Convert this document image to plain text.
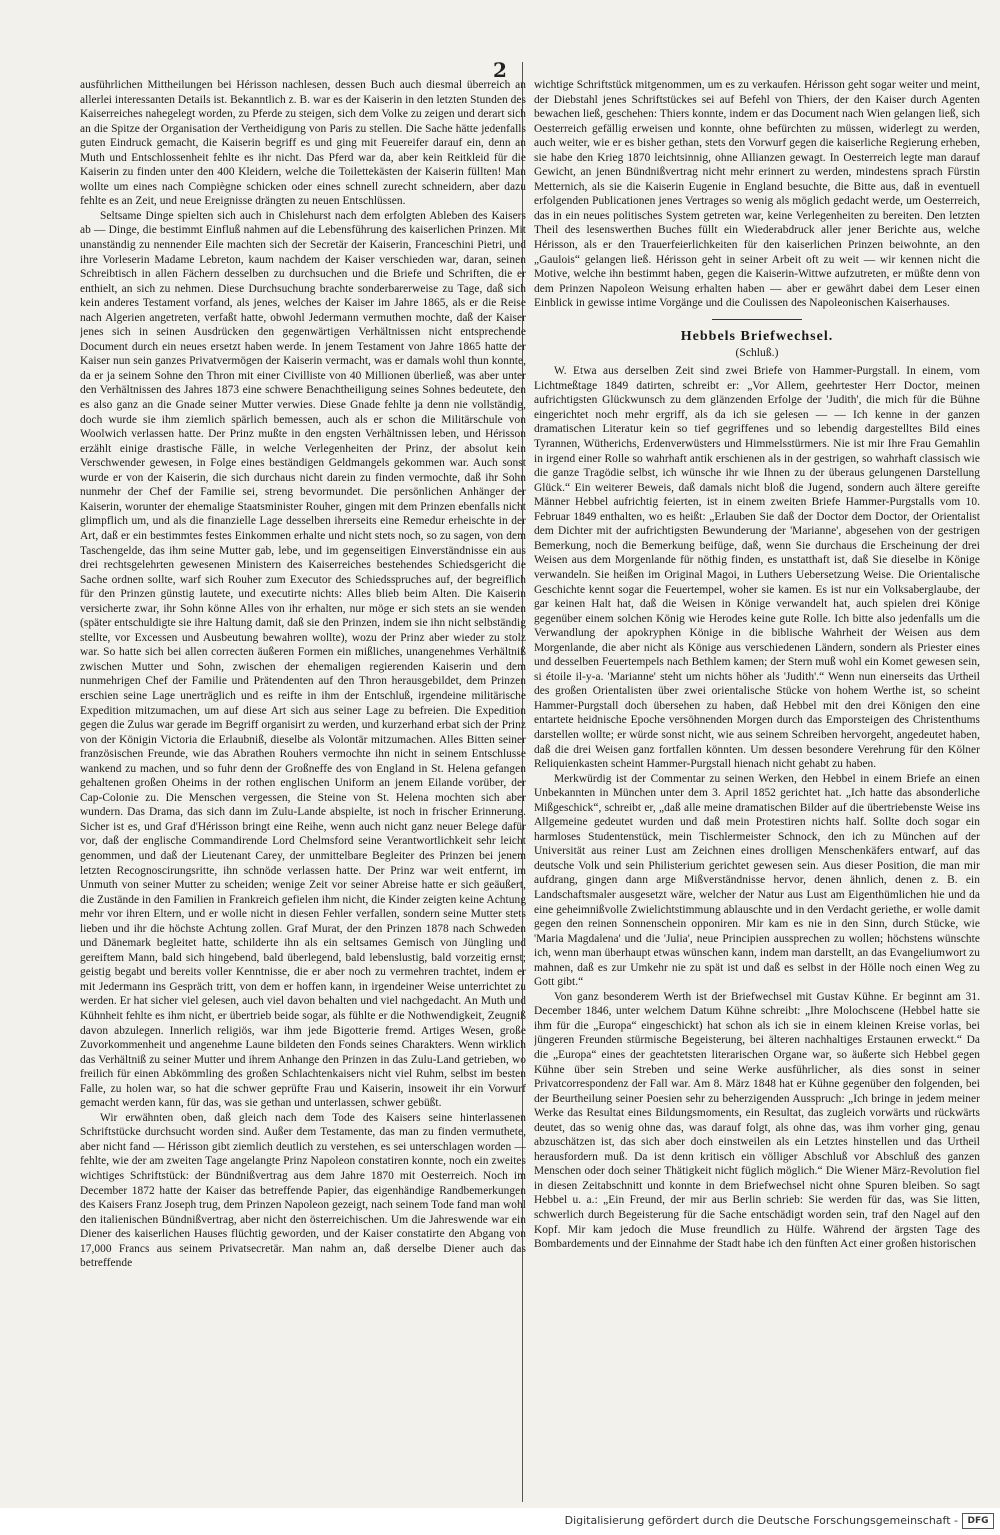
2

ausführlichen Mittheilungen bei Hérisson nachlesen, dessen Buch auch diesmal überreich an allerlei interessanten Details ist. Bekanntlich z. B. war es der Kaiserin in den letzten Stunden des Kaiserreiches nahegelegt worden, zu Pferde zu steigen, sich dem Volke zu zeigen und derart sich an die Spitze der Organisation der Vertheidigung von Paris zu stellen. Die Sache hätte jedenfalls guten Eindruck gemacht, die Kaiserin begriff es und ging mit Feuereifer darauf ein, denn an Muth und Entschlossenheit fehlte es ihr nicht. Das Pferd war da, aber kein Reitkleid für die Kaiserin zu finden unter den 400 Kleidern, welche die Toilettekästen der Kaiserin füllten! Man wollte um eines nach Compiègne schicken oder eines schnell zurecht schneidern, aber dazu fehlte es an Zeit, und neue Ereignisse drängten zu neuen Entschlüssen.

Seltsame Dinge spielten sich auch in Chislehurst nach dem erfolgten Ableben des Kaisers ab — Dinge, die bestimmt Einfluß nahmen auf die Lebensführung des kaiserlichen Prinzen. Mit unanständig zu nennender Eile machten sich der Secretär der Kaiserin, Franceschini Pietri, und ihre Vorleserin Madame Lebreton, kaum nachdem der Kaiser verschieden war, daran, seinen Schreibtisch in allen Fächern desselben zu durchsuchen und die Briefe und Schriften, die er enthielt, an sich zu nehmen. Diese Durchsuchung brachte sonderbarerweise zu Tage, daß sich kein anderes Testament vorfand, als jenes, welches der Kaiser im Jahre 1865, als er die Reise nach Algerien angetreten, verfaßt hatte, obwohl Jedermann vermuthen mochte, daß der Kaiser jenes sich in seinen Ausdrücken den gegenwärtigen Verhältnissen nicht entsprechende Document durch ein neues ersetzt haben werde. In jenem Testament von Jahre 1865 hatte der Kaiser nun sein ganzes Privatvermögen der Kaiserin vermacht, was er damals wohl thun konnte, da er ja seinem Sohne den Thron mit einer Civilliste von 40 Millionen überließ, was aber unter den Verhältnissen des Jahres 1873 eine schwere Benachtheiligung seines Sohnes bedeutete, den es also ganz an die Gnade seiner Mutter verwies. Diese Gnade fehlte ja denn nie vollständig, doch wurde sie ihm ziemlich spärlich bemessen, auch als er schon die Militärschule von Woolwich verlassen hatte. Der Prinz mußte in den engsten Verhältnissen leben, und Hérisson erzählt einige drastische Fälle, in welche Verlegenheiten der Prinz, der absolut kein Verschwender gewesen, in Folge eines beständigen Geldmangels gekommen war. Auch sonst wurde er von der Kaiserin, die sich durchaus nicht darein zu finden vermochte, daß ihr Sohn nunmehr der Chef der Familie sei, streng bevormundet. Die persönlichen Anhänger der Kaiserin, worunter der ehemalige Staatsminister Rouher, gingen mit dem Prinzen ebenfalls nicht glimpflich um, und als die finanzielle Lage desselben ihrerseits eine Remedur erheischte in der Art, daß er ein bestimmtes festes Einkommen erhalte und nicht stets noch, so zu sagen, von dem Taschengelde, das ihm seine Mutter gab, lebe, und im gegenseitigen Einverständnisse ein aus drei rechtsgelehrten gewesenen Ministern des Kaiserreiches bestehendes Schiedsgericht die Sache ordnen sollte, warf sich Rouher zum Executor des Schiedsspruches auf, der begreiflich für den Prinzen günstig lautete, und executirte nichts: Alles blieb beim Alten. Die Kaiserin versicherte zwar, ihr Sohn könne Alles von ihr erhalten, nur möge er sich stets an sie wenden (später entschuldigte sie ihre Haltung damit, daß sie den Prinzen, indem sie ihn nicht selbständig stellte, vor Excessen und Ausbeutung bewahren wollte), wozu der Prinz aber wieder zu stolz war. So hatte sich bei allen correcten äußeren Formen ein mißliches, unangenehmes Verhältniß zwischen Mutter und Sohn, zwischen der ehemaligen regierenden Kaiserin und dem nunmehrigen Chef der Familie und Prätendenten auf den Thron herausgebildet, dem Prinzen erschien seine Lage unerträglich und es reifte in ihm der Entschluß, irgendeine militärische Expedition mitzumachen, um auf diese Art sich aus seiner Lage zu befreien. Die Expedition gegen die Zulus war gerade im Begriff organisirt zu werden, und kurzerhand erbat sich der Prinz von der Königin Victoria die Erlaubniß, dieselbe als Volontär mitzumachen. Alles Bitten seiner französischen Freunde, wie das Abrathen Rouhers vermochte ihn nicht in seinem Entschlusse wankend zu machen, und so fuhr denn der Großneffe des von England in St. Helena gefangen gehaltenen großen Oheims in der rothen englischen Uniform an jenem Eilande vorüber, der Cap-Colonie zu. Die Menschen vergessen, die Steine von St. Helena mochten sich aber wundern. Das Drama, das sich dann im Zulu-Lande abspielte, ist noch in frischer Erinnerung. Sicher ist es, und Graf d'Hérisson bringt eine Reihe, wenn auch nicht ganz neuer Belege dafür vor, daß der englische Commandirende Lord Chelmsford seine Verantwortlichkeit sehr leicht genommen, und daß der Lieutenant Carey, der unmittelbare Begleiter des Prinzen bei jenem letzten Recognoscirungsritte, ihn schnöde verlassen hatte. Der Prinz war weit entfernt, im Unmuth von seiner Mutter zu scheiden; wenige Zeit vor seiner Abreise hatte er sich geäußert, die Zustände in den Familien in Frankreich gefielen ihm nicht, die Kinder zeigten keine Achtung mehr vor ihren Eltern, und er wolle nicht in diesen Fehler verfallen, sondern seine Mutter stets lieben und ihr die höchste Achtung zollen. Graf Murat, der den Prinzen 1878 nach Schweden und Dänemark begleitet hatte, schilderte ihn als ein seltsames Gemisch von Jüngling und gereiftem Mann, bald sich hingebend, bald überlegend, bald lebenslustig, bald vorzeitig ernst; geistig begabt und bereits voller Kenntnisse, die er aber noch zu vermehren trachtet, indem er mit Jedermann ins Gespräch tritt, von dem er hoffen kann, in irgendeiner Weise unterrichtet zu werden. Er hat sicher viel gelesen, auch viel davon behalten und viel nachgedacht. An Muth und Kühnheit fehlte es ihm nicht, er übertrieb beide sogar, als fühlte er die Nothwendigkeit, Zeugniß davon abzulegen. Innerlich religiös, war ihm jede Bigotterie fremd. Artiges Wesen, große Zuvorkommenheit und angenehme Laune bildeten den Fonds seines Charakters. Wenn wirklich das Verhältniß zu seiner Mutter und ihrem Anhange den Prinzen in das Zulu-Land getrieben, wo freilich für einen Abkömmling des großen Schlachtenkaisers nicht viel Ruhm, selbst im besten Falle, zu holen war, so hat die schwer geprüfte Frau und Kaiserin, insoweit ihr ein Vorwurf gemacht werden kann, für das, was sie gethan und unterlassen, schwer gebüßt.

Wir erwähnten oben, daß gleich nach dem Tode des Kaisers seine hinterlassenen Schriftstücke durchsucht worden sind. Außer dem Testamente, das man zu finden vermuthete, aber nicht fand — Hérisson gibt ziemlich deutlich zu verstehen, es sei unterschlagen worden — fehlte, wie der am zweiten Tage angelangte Prinz Napoleon constatiren konnte, noch ein zweites wichtiges Schriftstück: der Bündnißvertrag aus dem Jahre 1870 mit Oesterreich. Noch im December 1872 hatte der Kaiser das betreffende Papier, das eigenhändige Randbemerkungen des Kaisers Franz Joseph trug, dem Prinzen Napoleon gezeigt, nach seinem Tode fand man wohl den italienischen Bündnißvertrag, aber nicht den österreichischen. Um die Jahreswende war ein Diener des kaiserlichen Hauses flüchtig geworden, und der Kaiser constatirte den Abgang von 17,000 Francs aus seinem Privatsecretär. Man nahm an, daß derselbe Diener auch das betreffende

wichtige Schriftstück mitgenommen, um es zu verkaufen. Hérisson geht sogar weiter und meint, der Diebstahl jenes Schriftstückes sei auf Befehl von Thiers, der den Kaiser durch Agenten bewachen ließ, geschehen: Thiers konnte, indem er das Document nach Wien gelangen ließ, sich Oesterreich gefällig erweisen und konnte, ohne befürchten zu müssen, widerlegt zu werden, auch weiter, wie er es bisher gethan, stets den Vorwurf gegen die kaiserliche Regierung erheben, sie habe den Krieg 1870 leichtsinnig, ohne Allianzen gewagt. In Oesterreich legte man darauf Gewicht, an jenen Bündnißvertrag nicht mehr erinnert zu werden, mindestens sprach Fürstin Metternich, als sie die Kaiserin Eugenie in England besuchte, die Bitte aus, daß in eventuell erfolgenden Publicationen jenes Vertrages so wenig als möglich gedacht werde, um Oesterreich, das in ein neues politisches System getreten war, keine Verlegenheiten zu bereiten. Den letzten Theil des lesenswerthen Buches füllt ein Wiederabdruck aller jener Berichte aus, welche Hérisson, als er den Trauerfeierlichkeiten für den kaiserlichen Prinzen beiwohnte, an den „Gaulois“ gelangen ließ. Hérisson geht in seiner Arbeit oft zu weit — wir kennen nicht die Motive, welche ihn bestimmt haben, gegen die Kaiserin-Wittwe aufzutreten, er müßte denn von dem Prinzen Napoleon Weisung erhalten haben — aber er gewährt dabei dem Leser einen Einblick in gewisse intime Vorgänge und die Coulissen des Napoleonischen Kaiserhauses.

Hebbels Briefwechsel.
(Schluß.)

W. Etwa aus derselben Zeit sind zwei Briefe von Hammer-Purgstall. In einem, vom Lichtmeßtage 1849 datirten, schreibt er: „Vor Allem, geehrtester Herr Doctor, meinen aufrichtigsten Glückwunsch zu dem glänzenden Erfolge der 'Judith', die mich für die Bühne eingerichtet noch mehr ergriff, als da ich sie gelesen — — Ich kenne in der ganzen dramatischen Literatur kein so tief gegriffenes und so lebendig dargestelltes Bild eines Tyrannen, Wütherichs, Erdenverwüsters und Himmelsstürmers. Nie ist mir Ihre Frau Gemahlin in irgend einer Rolle so wahrhaft antik erschienen als in der gestrigen, so wahrhaft classisch wie die ganze Tragödie selbst, ich wünsche ihr wie Ihnen zu der überaus gelungenen Darstellung Glück.“ Ein weiterer Beweis, daß damals nicht bloß die Jugend, sondern auch ältere gereifte Männer Hebbel aufrichtig feierten, ist in einem zweiten Briefe Hammer-Purgstalls vom 10. Februar 1849 enthalten, wo es heißt: „Erlauben Sie daß der Doctor dem Doctor, der Orientalist dem Dichter mit der aufrichtigsten Bewunderung der 'Marianne', abgesehen von der gestrigen Bemerkung, noch die Bemerkung beifüge, daß, wenn Sie durchaus die Erscheinung der drei Weisen aus dem Morgenlande für nöthig finden, es unstatthaft ist, daß Sie dieselbe in Könige verwandeln. Sie heißen im Original Magoi, in Luthers Uebersetzung Weise. Die Orientalische Geschichte kennt sogar die Feuertempel, woher sie kamen. Es ist nur ein Volksaberglaube, der gar keinen Halt hat, daß die Weisen in Könige verwandelt hat, auch spielen drei Könige gegenüber einem solchen König wie Herodes keine gute Rolle. Ich bitte also jedenfalls um die Verwandlung der apokryphen Könige in die biblische Wahrheit der Weisen aus dem Morgenlande, die aber nicht als Könige aus verschiedenen Ländern, sondern als Priester eines und desselben Feuertempels nach Bethlem kamen; der Stern muß wohl ein Komet gewesen sein, si étoile il-y-a. 'Marianne' steht um nichts höher als 'Judith'.“ Wenn nun einerseits das Urtheil des großen Orientalisten über zwei orientalische Stücke von hohem Werthe ist, so scheint Hammer-Purgstall doch übersehen zu haben, daß Hebbel mit den drei Königen den eine entartete heidnische Epoche versöhnenden Morgen durch das Emporsteigen des Christenthums darstellen wollte; er würde sonst nicht, wie aus seinem Schreiben hervorgeht, angedeutet haben, daß die drei Weisen ganz fortfallen könnten. Um dessen besondere Verehrung für den Kölner Reliquienkasten scheint Hammer-Purgstall hienach nicht gehabt zu haben.

Merkwürdig ist der Commentar zu seinen Werken, den Hebbel in einem Briefe an einen Unbekannten in München unter dem 3. April 1852 gerichtet hat. „Ich hatte das absonderliche Mißgeschick“, schreibt er, „daß alle meine dramatischen Bilder auf die übertriebenste Weise ins Allgemeine gedeutet wurden und daß mein Protestiren nichts half. Sollte doch sogar ein harmloses Studentenstück, mein Tischlermeister Schnock, den ich zu München auf der Universität aus reiner Lust am Zeichnen eines drolligen Menschenkäfers entwarf, auf das deutsche Volk und sein Philisterium gerichtet gewesen sein. Aus dieser Position, die man mir aufdrang, gingen dann arge Mißverständnisse hervor, denen ähnlich, denen z. B. ein Landschaftsmaler ausgesetzt wäre, welcher der Natur aus Lust am Eigenthümlichen hie und da eine geheimnißvolle Zwielichtstimmung ablauschte und in den Verdacht geriethe, er wolle damit gegen den reinen Sonnenschein opponiren. Mir kam es nie in den Sinn, durch Stücke, wie 'Maria Magdalena' und die 'Julia', neue Principien aussprechen zu wollen; höchstens wünschte ich, wenn man überhaupt etwas wünschen kann, indem man darstellt, an das Evangeliumwort zu mahnen, daß es zur Umkehr nie zu spät ist und daß es selbst in der Hölle noch einen Weg zu Gott gibt.“

Von ganz besonderem Werth ist der Briefwechsel mit Gustav Kühne. Er beginnt am 31. December 1846, unter welchem Datum Kühne schreibt: „Ihre Molochscene (Hebbel hatte sie ihm für die „Europa“ eingeschickt) hat schon als ich sie in einem kleinen Kreise vorlas, bei jüngeren Freunden stürmische Begeisterung, bei älteren nachhaltiges Erstaunen erweckt.“ Da die „Europa“ eines der geachtetsten literarischen Organe war, so äußerte sich Hebbel gegen Kühne über sein Streben und seine Werke ausführlicher, als dies sonst in seiner Privatcorrespondenz der Fall war. Am 8. März 1848 hat er Kühne gegenüber den folgenden, bei der Beurtheilung seiner Poesien sehr zu beherzigenden Ausspruch: „Ich bringe in jedem meiner Werke das Resultat eines Bildungsmoments, ein Resultat, das zugleich vorwärts und rückwärts deutet, das so wenig ohne das, was darauf folgt, als ohne das, was ihm vorher ging, genau abzuschätzen ist, das sich aber doch einstweilen als ein Letztes hinstellen und das Urtheil herausfordern muß. Da ist denn kritisch ein völliger Abschluß vor Abschluß des ganzen Menschen oder doch seiner Thätigkeit nicht füglich möglich.“ Die Wiener März-Revolution fiel in diesen Zeitabschnitt und konnte in dem Briefwechsel nicht ohne Spuren bleiben. So sagt Hebbel u. a.: „Ein Freund, der mir aus Berlin schrieb: Sie werden für das, was Sie litten, schwerlich durch Begeisterung für die Sache entschädigt worden sein, traf den Nagel auf den Kopf. Mir kam jedoch die Muse freundlich zu Hülfe. Während der ärgsten Tage des Bombardements und der Einnahme der Stadt habe ich den fünften Act einer großen historischen

Digitalisierung gefördert durch die Deutsche Forschungsgemeinschaft -	DFG
